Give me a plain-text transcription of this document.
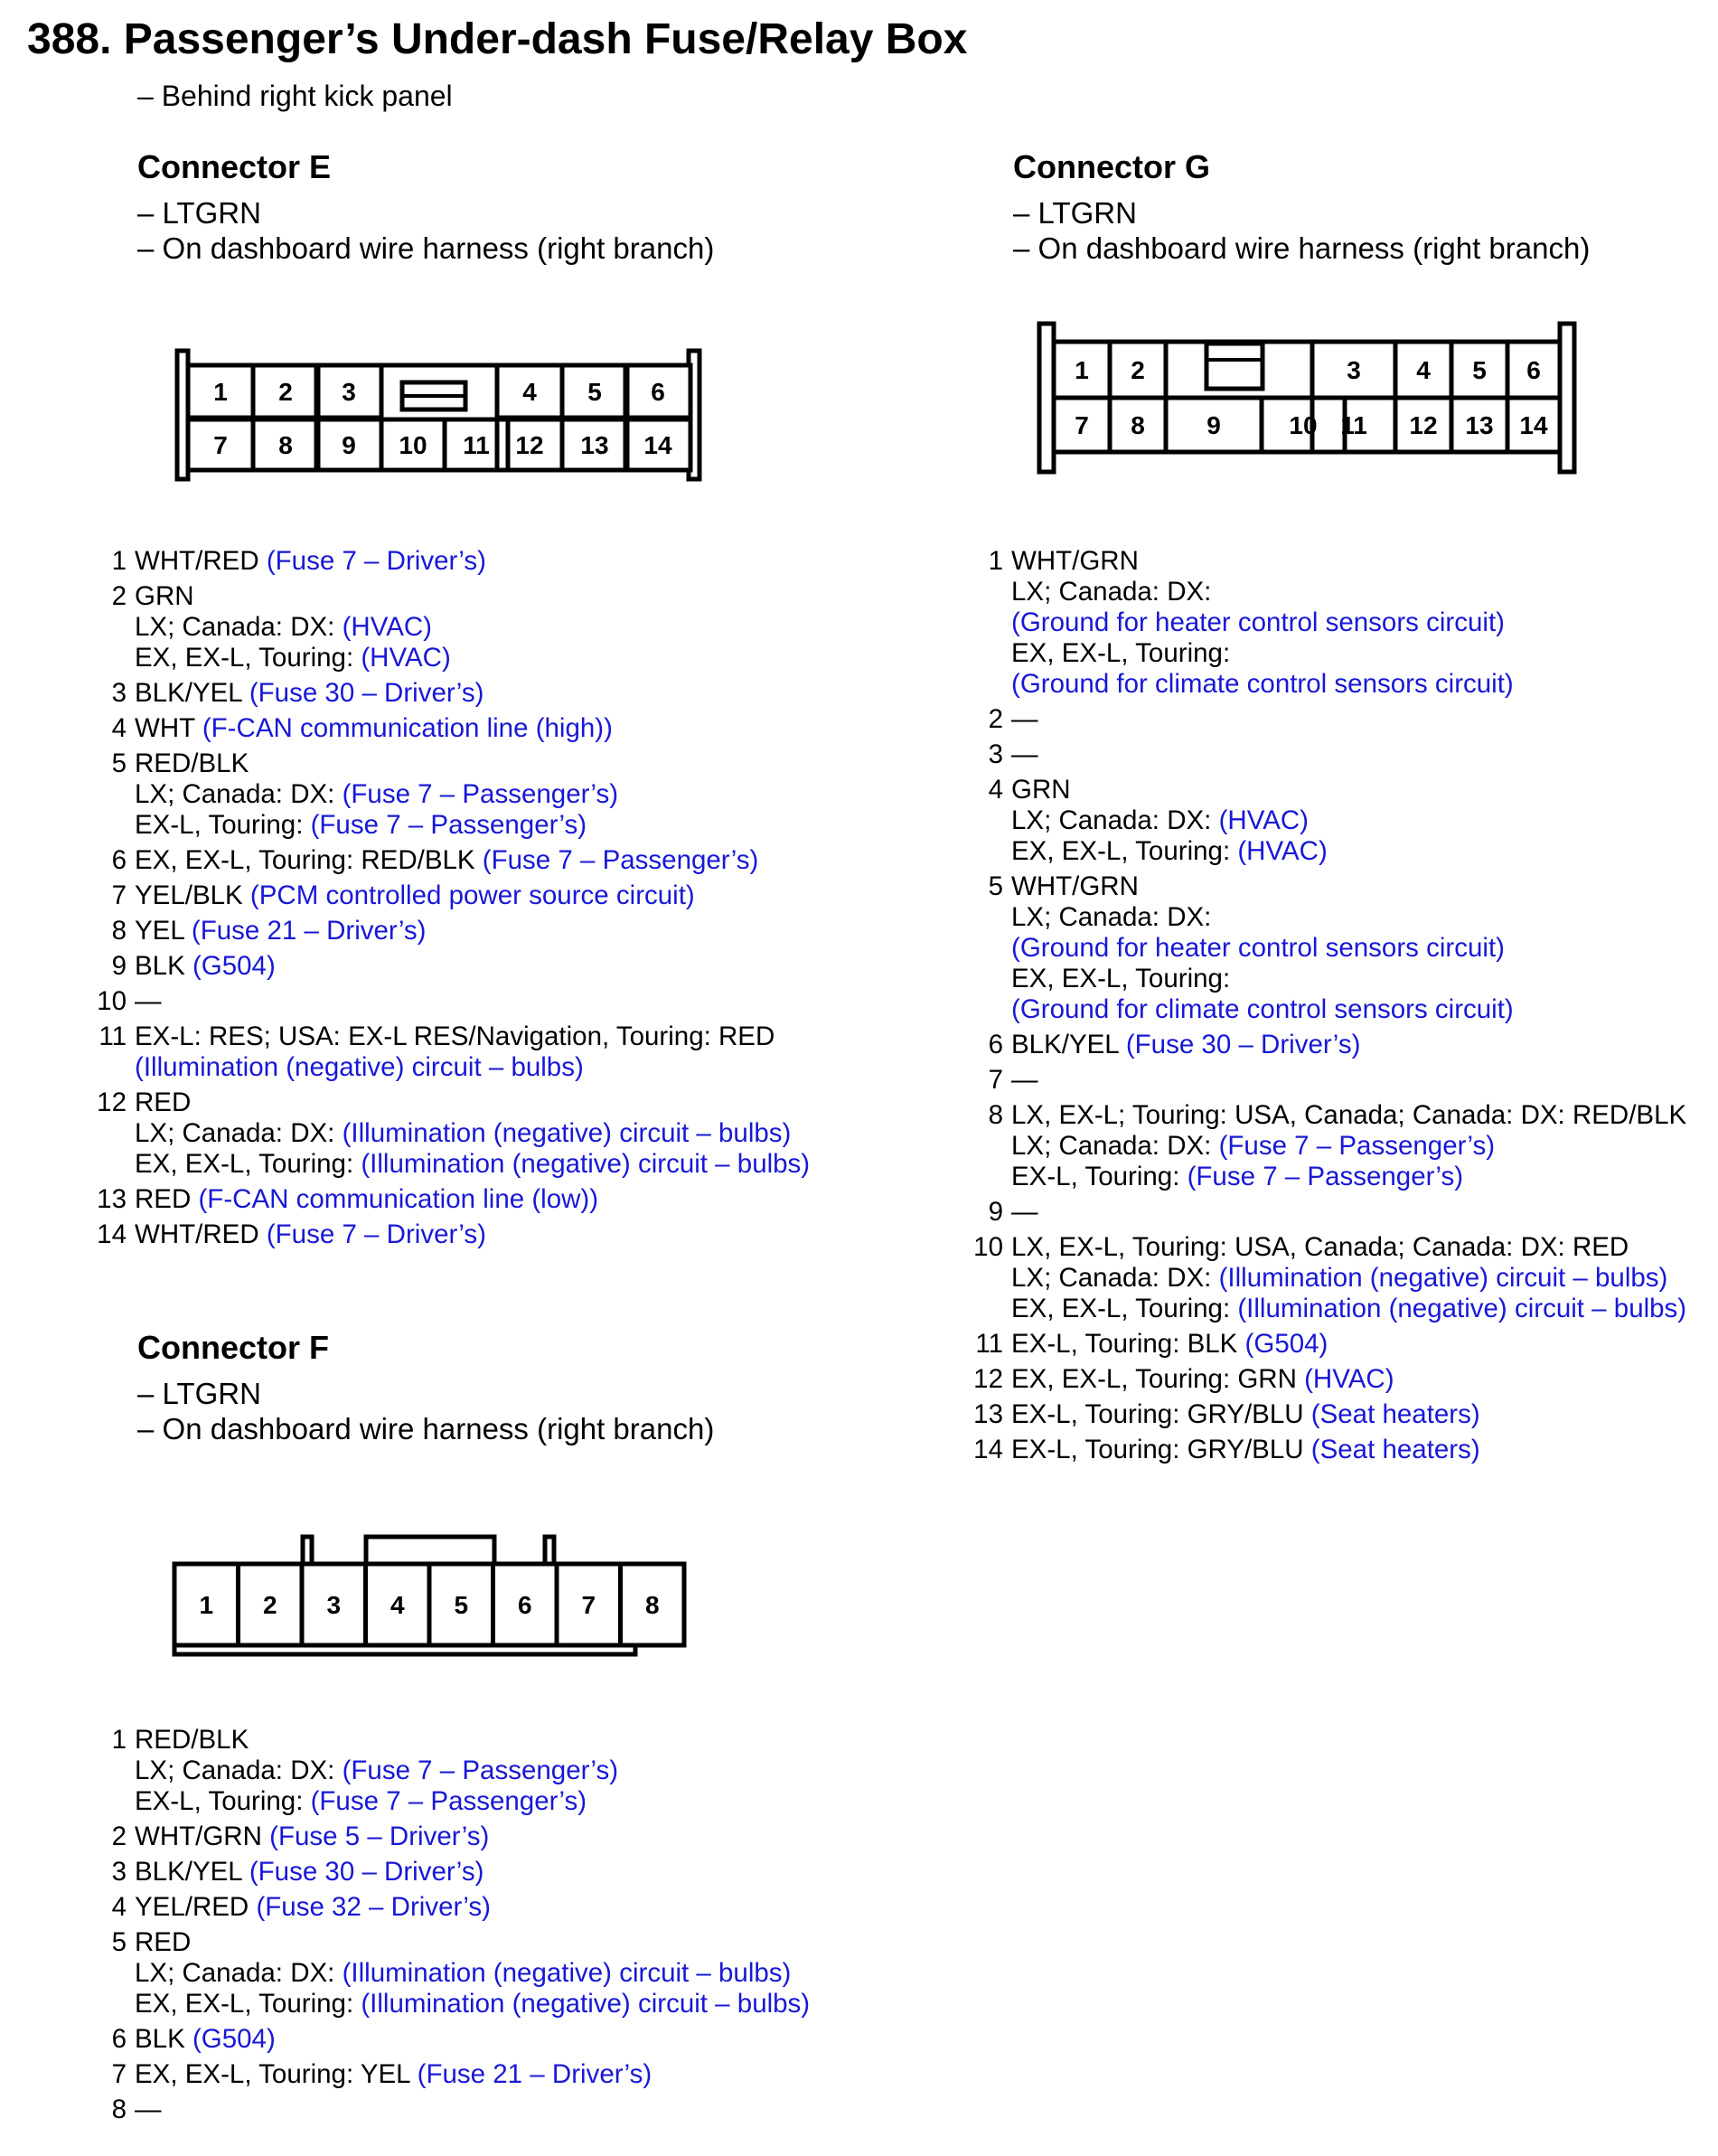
388. Passenger’s Under-dash Fuse/Relay Box
– Behind right kick panel
Connector E
– LTGRN
– On dashboard wire harness (right branch)
1 2 3	4 5 6
7 8 9 10 11 12 13 14
1 WHT/RED (Fuse 7 – Driver’s)
2 GRN
LX; Canada: DX: (HVAC)
EX, EX-L, Touring: (HVAC)
3 BLK/YEL (Fuse 30 – Driver’s)
4 WHT (F-CAN communication line (high))
5 RED/BLK
LX; Canada: DX: (Fuse 7 – Passenger’s)
EX-L, Touring: (Fuse 7 – Passenger’s)
6 EX, EX-L, Touring: RED/BLK (Fuse 7 – Passenger’s)
7 YEL/BLK (PCM controlled power source circuit)
8 YEL (Fuse 21 – Driver’s)
9 BLK (G504)
10 —
11 EX-L: RES; USA: EX-L RES/Navigation, Touring: RED
(Illumination (negative) circuit – bulbs)
12 RED
LX; Canada: DX: (Illumination (negative) circuit – bulbs)
EX, EX-L, Touring: (Illumination (negative) circuit – bulbs)
13 RED (F-CAN communication line (low))
14 WHT/RED (Fuse 7 – Driver’s)
Connector F
– LTGRN
– On dashboard wire harness (right branch)
1 2 3 4 5 6 7 8
1 RED/BLK
LX; Canada: DX: (Fuse 7 – Passenger’s)
EX-L, Touring: (Fuse 7 – Passenger’s)
2 WHT/GRN (Fuse 5 – Driver’s)
3 BLK/YEL (Fuse 30 – Driver’s)
4 YEL/RED (Fuse 32 – Driver’s)
5 RED
LX; Canada: DX: (Illumination (negative) circuit – bulbs)
EX, EX-L, Touring: (Illumination (negative) circuit – bulbs)
6 BLK (G504)
7 EX, EX-L, Touring: YEL (Fuse 21 – Driver’s)
8 —
Connector G
– LTGRN
– On dashboard wire harness (right branch)
1 2	3 4 5 6
7 8 9	10 11 12 13 14
1 WHT/GRN
LX; Canada: DX:
(Ground for heater control sensors circuit)
EX, EX-L, Touring:
(Ground for climate control sensors circuit)
2 —
3 —
4 GRN
LX; Canada: DX: (HVAC)
EX, EX-L, Touring: (HVAC)
5 WHT/GRN
LX; Canada: DX:
(Ground for heater control sensors circuit)
EX, EX-L, Touring:
(Ground for climate control sensors circuit)
6 BLK/YEL (Fuse 30 – Driver’s)
7 —
8 LX, EX-L; Touring: USA, Canada; Canada: DX: RED/BLK
LX; Canada: DX: (Fuse 7 – Passenger’s)
EX-L, Touring: (Fuse 7 – Passenger’s)
9 —
10 LX, EX-L, Touring: USA, Canada; Canada: DX: RED
LX; Canada: DX: (Illumination (negative) circuit – bulbs)
EX, EX-L, Touring: (Illumination (negative) circuit – bulbs)
11 EX-L, Touring: BLK (G504)
12 EX, EX-L, Touring: GRN (HVAC)
13 EX-L, Touring: GRY/BLU (Seat heaters)
14 EX-L, Touring: GRY/BLU (Seat heaters)
